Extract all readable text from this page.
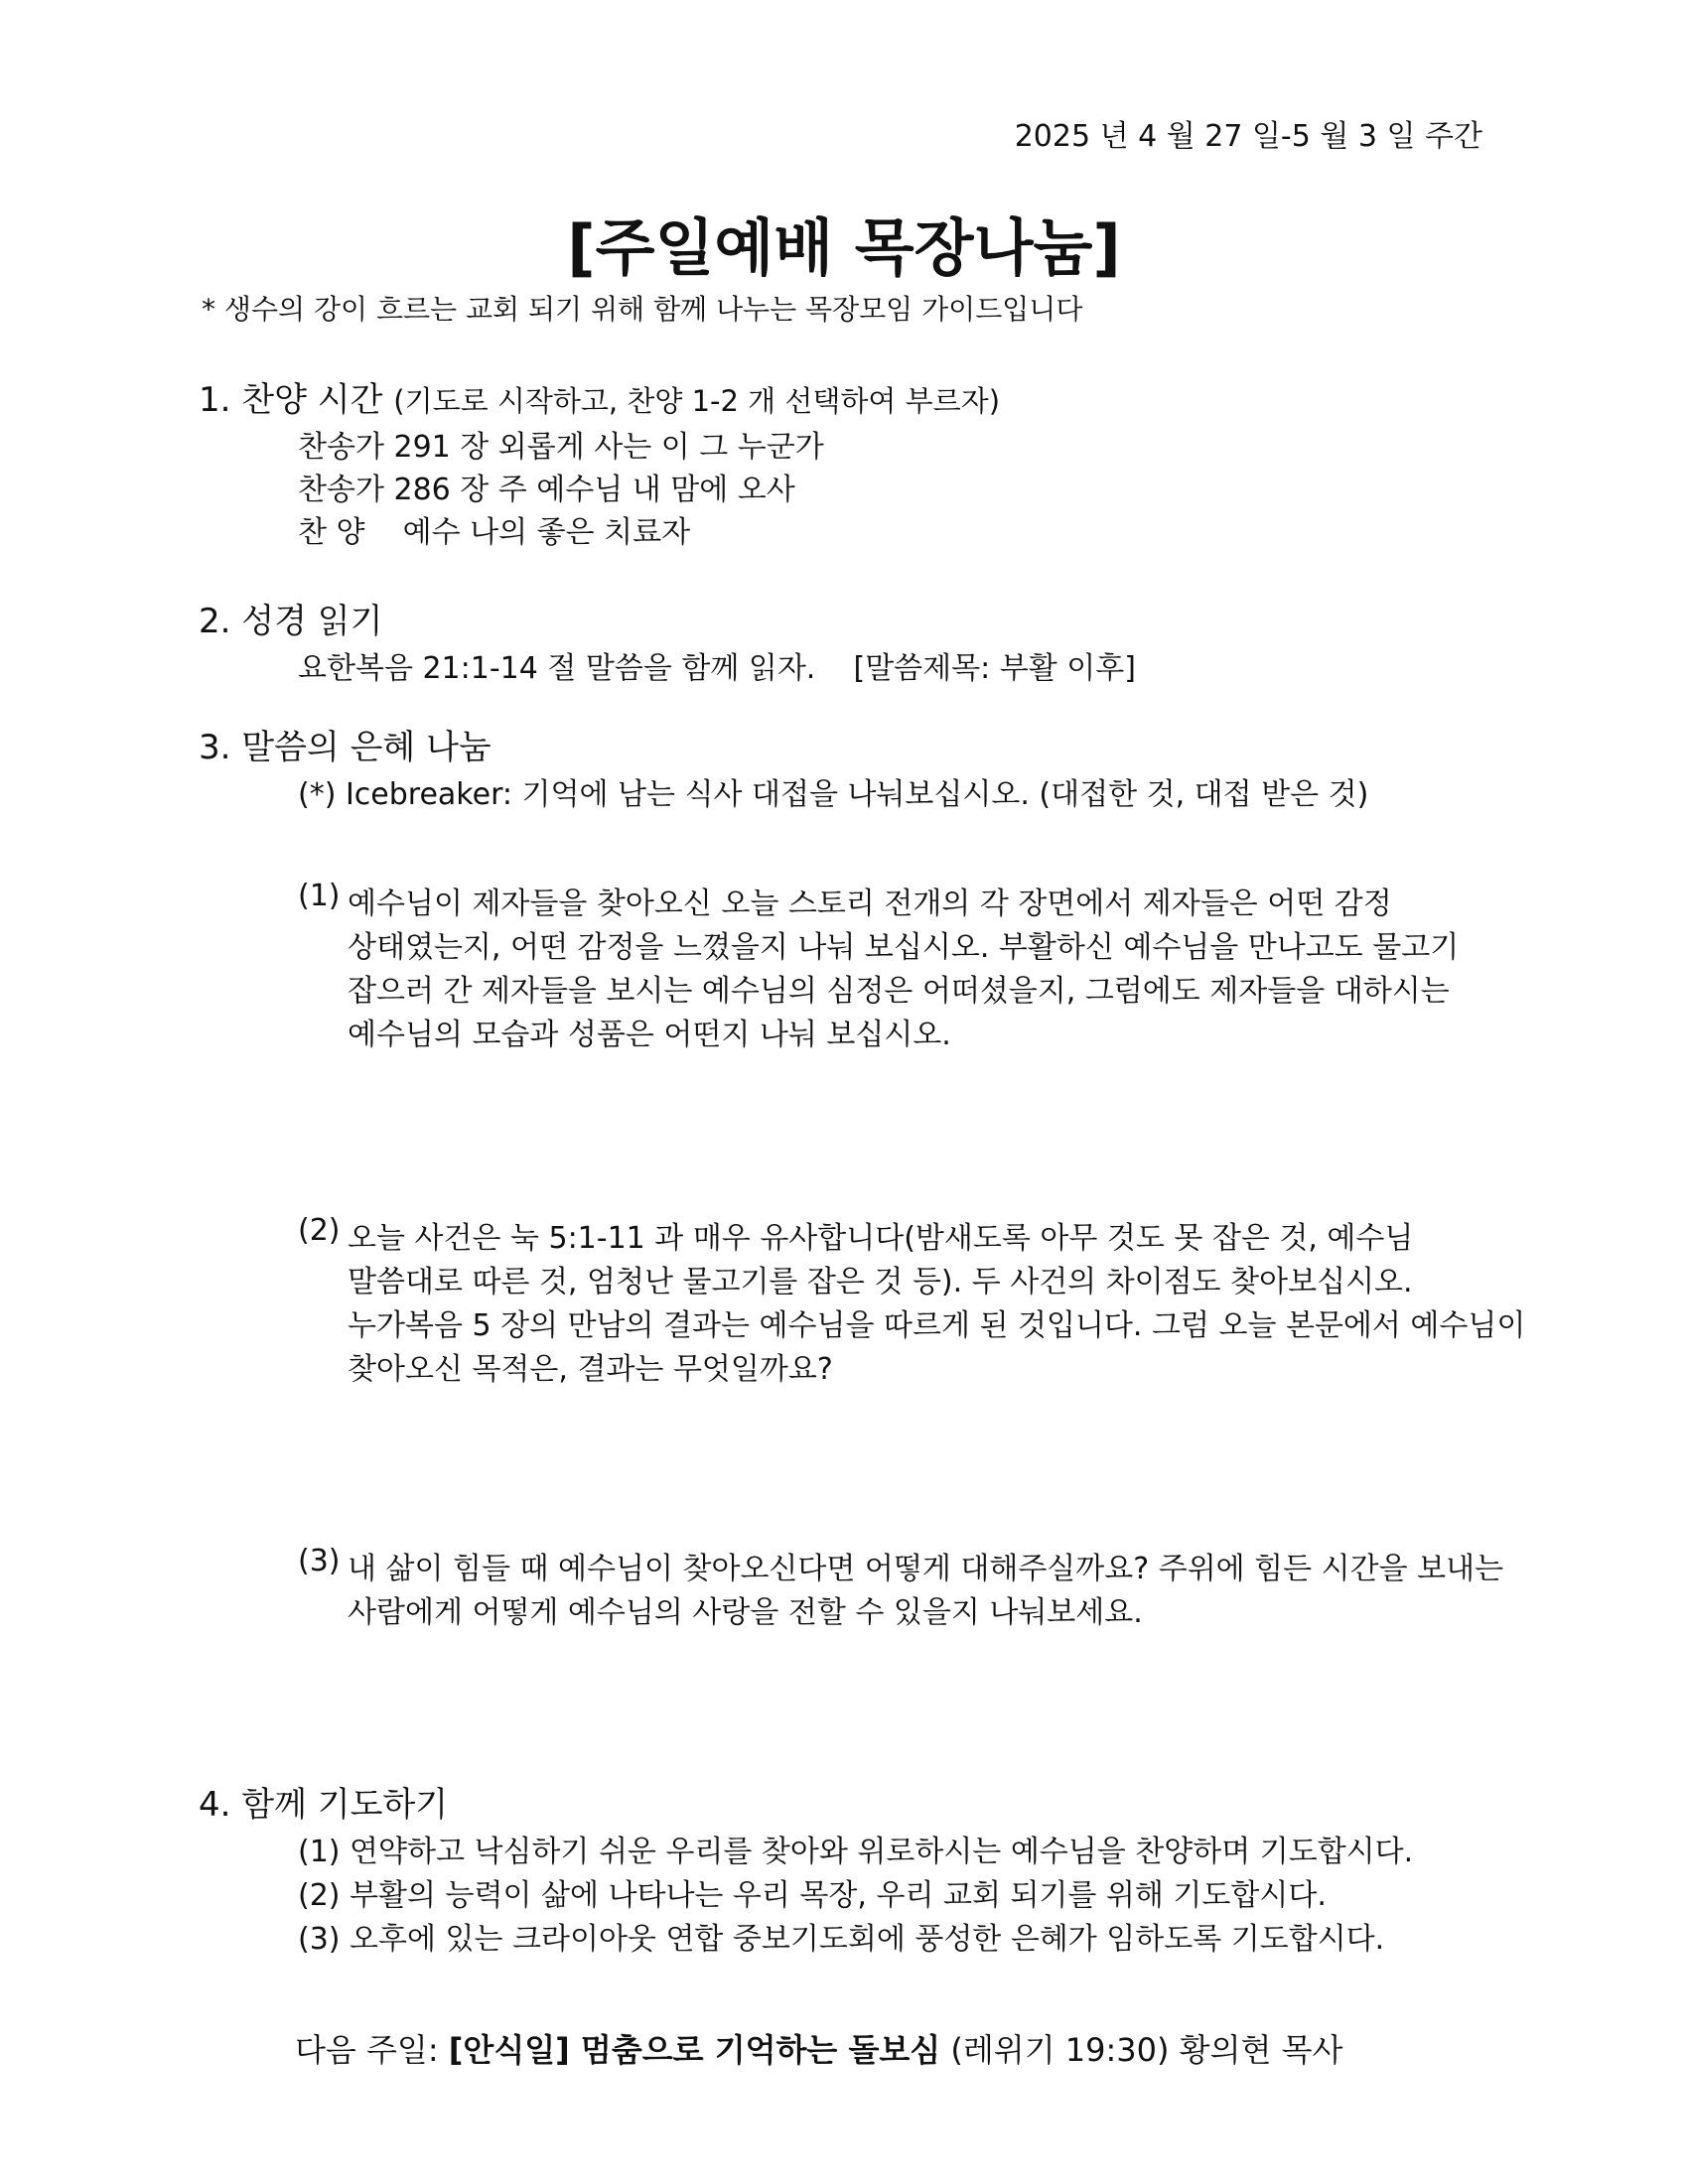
2025 년 4 월 27 일-5 월 3 일 주간
[주일예배 목장나눔]
* 생수의 강이 흐르는 교회 되기 위해 함께 나누는 목장모임 가이드입니다
1. 찬양 시간 (기도로 시작하고, 찬양 1-2 개 선택하여 부르자)
찬송가 291 장 외롭게 사는 이 그 누군가
찬송가 286 장 주 예수님 내 맘에 오사
찬 양    예수 나의 좋은 치료자
2. 성경 읽기
요한복음 21:1-14 절 말씀을 함께 읽자.    [말씀제목: 부활 이후]
3. 말씀의 은혜 나눔
(*) Icebreaker: 기억에 남는 식사 대접을 나눠보십시오. (대접한 것, 대접 받은 것)
(1) 예수님이 제자들을 찾아오신 오늘 스토리 전개의 각 장면에서 제자들은 어떤 감정
상태였는지, 어떤 감정을 느꼈을지 나눠 보십시오. 부활하신 예수님을 만나고도 물고기
잡으러 간 제자들을 보시는 예수님의 심정은 어떠셨을지, 그럼에도 제자들을 대하시는
예수님의 모습과 성품은 어떤지 나눠 보십시오.
(2) 오늘 사건은 눅 5:1-11 과 매우 유사합니다(밤새도록 아무 것도 못 잡은 것, 예수님
말씀대로 따른 것, 엄청난 물고기를 잡은 것 등). 두 사건의 차이점도 찾아보십시오.
누가복음 5 장의 만남의 결과는 예수님을 따르게 된 것입니다. 그럼 오늘 본문에서 예수님이
찾아오신 목적은, 결과는 무엇일까요?
(3) 내 삶이 힘들 때 예수님이 찾아오신다면 어떻게 대해주실까요? 주위에 힘든 시간을 보내는
사람에게 어떻게 예수님의 사랑을 전할 수 있을지 나눠보세요.
4. 함께 기도하기
(1) 연약하고 낙심하기 쉬운 우리를 찾아와 위로하시는 예수님을 찬양하며 기도합시다.
(2) 부활의 능력이 삶에 나타나는 우리 목장, 우리 교회 되기를 위해 기도합시다.
(3) 오후에 있는 크라이아웃 연합 중보기도회에 풍성한 은혜가 임하도록 기도합시다.
다음 주일: [안식일] 멈춤으로 기억하는 돌보심 (레위기 19:30) 황의현 목사
